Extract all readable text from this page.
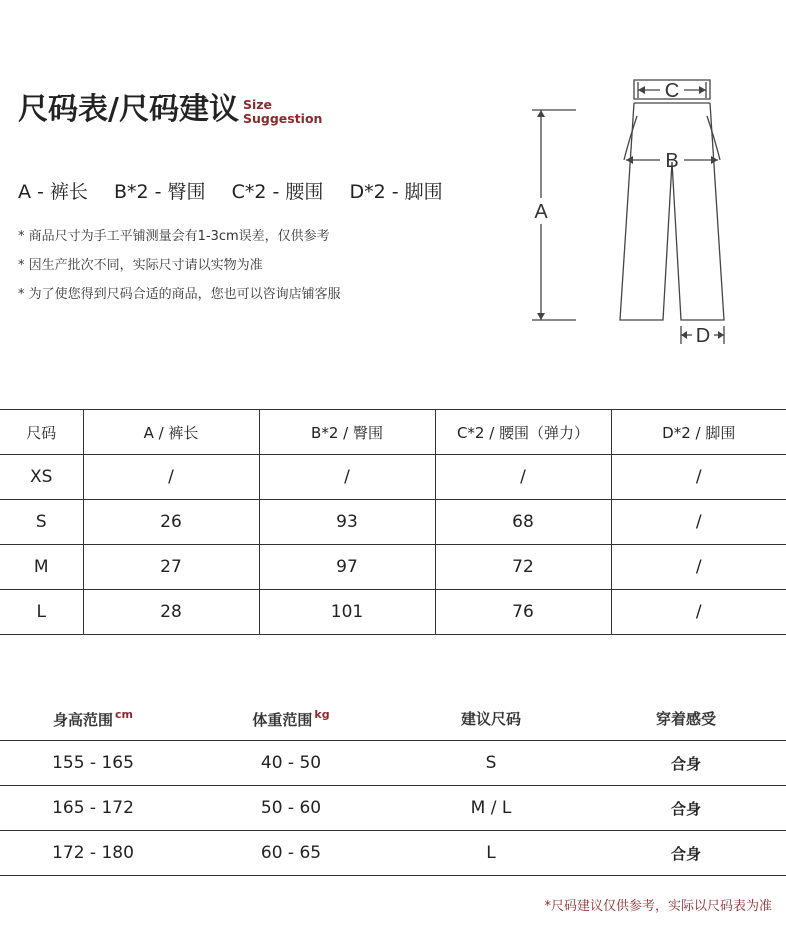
尺码表/尺码建议 Size
Suggestion
A - 裤长 B*2 - 臀围 C*2 - 腰围 D*2 - 脚围
* 商品尺寸为手工平铺测量会有1-3cm误差，仅供参考
* 因生产批次不同，实际尺寸请以实物为准
* 为了使您得到尺码合适的商品，您也可以咨询店铺客服
C
B
A
D
尺码	A / 裤长	B*2 / 臀围	C*2 / 腰围（弹力）	D*2 / 脚围
XS	/	/	/	/
S	26	93	68	/
M	27	97	72	/
L	28	101	76	/
身高范围 $^{cm}$	体重范围 $^{kg}$	建议尺码	穿着感受
155 - 165	40 - 50	S	合身
165 - 172	50 - 60	M / L	合身
172 - 180	60 - 65	L	合身
*尺码建议仅供参考，实际以尺码表为准
